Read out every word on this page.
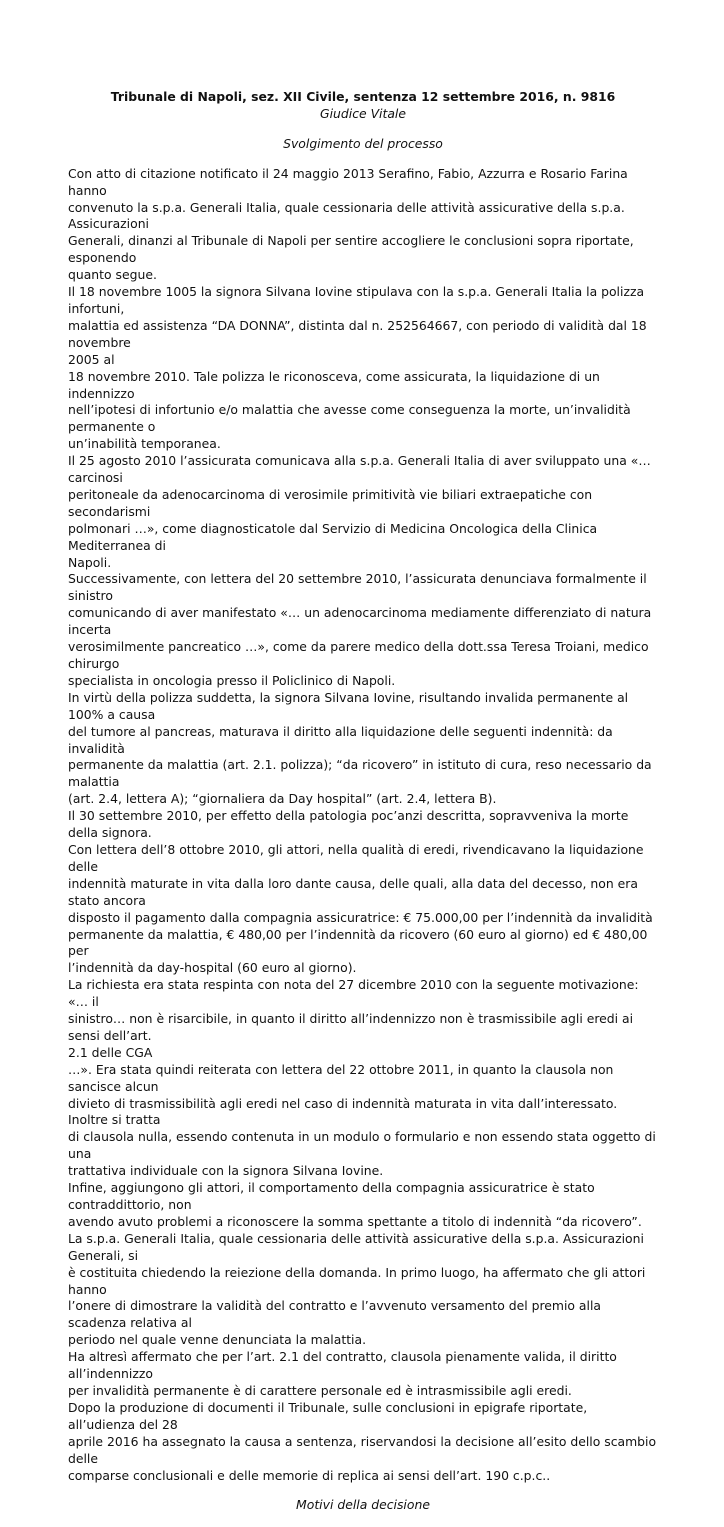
Tribunale di Napoli, sez. XII Civile, sentenza 12 settembre 2016, n. 9816

Giudice Vitale

Svolgimento del processo

Con atto di citazione notificato il 24 maggio 2013 Serafino, Fabio, Azzurra e Rosario Farina hanno
convenuto la s.p.a. Generali Italia, quale cessionaria delle attività assicurative della s.p.a. Assicurazioni
Generali, dinanzi al Tribunale di Napoli per sentire accogliere le conclusioni sopra riportate, esponendo
quanto segue.

Il 18 novembre 1005 la signora Silvana Iovine stipulava con la s.p.a. Generali Italia la polizza infortuni,
malattia ed assistenza “DA DONNA”, distinta dal n. 252564667, con periodo di validità dal 18 novembre
2005 al
18 novembre 2010. Tale polizza le riconosceva, come assicurata, la liquidazione di un indennizzo
nell’ipotesi di infortunio e/o malattia che avesse come conseguenza la morte, un’invalidità permanente o
un’inabilità temporanea.

Il 25 agosto 2010 l’assicurata comunicava alla s.p.a. Generali Italia di aver sviluppato una «… carcinosi
peritoneale da adenocarcinoma di verosimile primitività vie biliari extraepatiche con secondarismi
polmonari …», come diagnosticatole dal Servizio di Medicina Oncologica della Clinica Mediterranea di
Napoli.

Successivamente, con lettera del 20 settembre 2010, l’assicurata denunciava formalmente il sinistro
comunicando di aver manifestato «… un adenocarcinoma mediamente differenziato di natura incerta
verosimilmente pancreatico …», come da parere medico della dott.ssa Teresa Troiani, medico chirurgo
specialista in oncologia presso il Policlinico di Napoli.

In virtù della polizza suddetta, la signora Silvana Iovine, risultando invalida permanente al 100% a causa
del tumore al pancreas, maturava il diritto alla liquidazione delle seguenti indennità: da invalidità
permanente da malattia (art. 2.1. polizza); “da ricovero” in istituto di cura, reso necessario da malattia
(art. 2.4, lettera A); “giornaliera da Day hospital” (art. 2.4, lettera B).

Il 30 settembre 2010, per effetto della patologia poc’anzi descritta, sopravveniva la morte della signora.

Con lettera dell’8 ottobre 2010, gli attori, nella qualità di eredi, rivendicavano la liquidazione delle
indennità maturate in vita dalla loro dante causa, delle quali, alla data del decesso, non era stato ancora
disposto il pagamento dalla compagnia assicuratrice: € 75.000,00 per l’indennità da invalidità
permanente da malattia, € 480,00 per l’indennità da ricovero (60 euro al giorno) ed € 480,00 per
l’indennità da day-hospital (60 euro al giorno).

La richiesta era stata respinta con nota del 27 dicembre 2010 con la seguente motivazione: «… il
sinistro… non è risarcibile, in quanto il diritto all’indennizzo non è trasmissibile agli eredi ai sensi dell’art.
2.1 delle CGA
…». Era stata quindi reiterata con lettera del 22 ottobre 2011, in quanto la clausola non sancisce alcun
divieto di trasmissibilità agli eredi nel caso di indennità maturata in vita dall’interessato. Inoltre si tratta
di clausola nulla, essendo contenuta in un modulo o formulario e non essendo stata oggetto di una
trattativa individuale con la signora Silvana Iovine.

Infine, aggiungono gli attori, il comportamento della compagnia assicuratrice è stato contraddittorio, non
avendo avuto problemi a riconoscere la somma spettante a titolo di indennità “da ricovero”.

La s.p.a. Generali Italia, quale cessionaria delle attività assicurative della s.p.a. Assicurazioni Generali, si
è costituita chiedendo la reiezione della domanda. In primo luogo, ha affermato che gli attori hanno
l’onere di dimostrare la validità del contratto e l’avvenuto versamento del premio alla scadenza relativa al
periodo nel quale venne denunciata la malattia.

Ha altresì affermato che per l’art. 2.1 del contratto, clausola pienamente valida, il diritto all’indennizzo
per invalidità permanente è di carattere personale ed è intrasmissibile agli eredi.

Dopo la produzione di documenti il Tribunale, sulle conclusioni in epigrafe riportate, all’udienza del 28
aprile 2016 ha assegnato la causa a sentenza, riservandosi la decisione all’esito dello scambio delle
comparse conclusionali e delle memorie di replica ai sensi dell’art. 190 c.p.c..

Motivi della decisione
